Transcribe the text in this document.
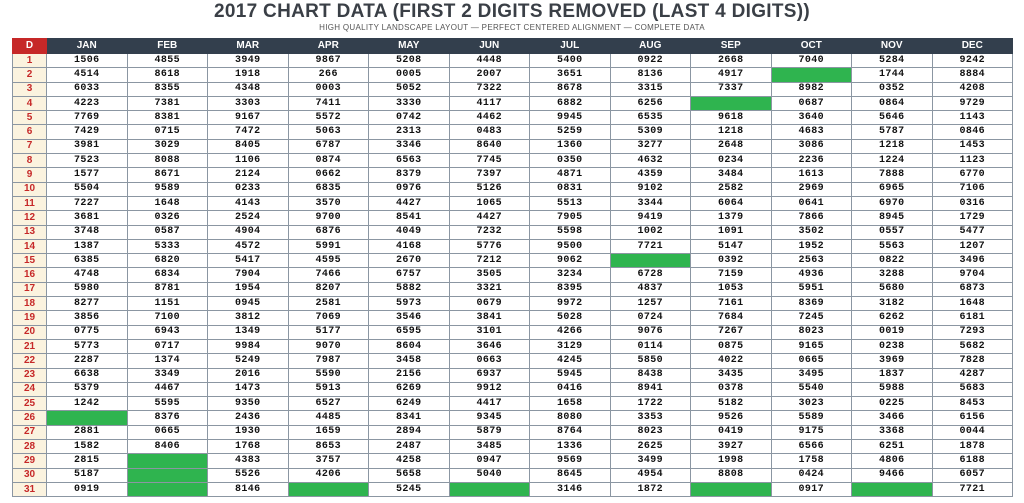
2017 CHART DATA (FIRST 2 DIGITS REMOVED (LAST 4 DIGITS))
HIGH QUALITY LANDSCAPE LAYOUT — PERFECT CENTERED ALIGNMENT — COMPLETE DATA
D	JAN	FEB	MAR	APR	MAY	JUN	JUL	AUG	SEP	OCT	NOV	DEC
1	1506	4855	3949	9867	5208	4448	5400	0922	2668	7040	5284	9242
2	4514	8618	1918	266	0005	2007	3651	8136	4917		1744	8884
3	6033	8355	4348	0003	5052	7322	8678	3315	7337	8982	0352	4208
4	4223	7381	3303	7411	3330	4117	6882	6256		0687	0864	9729
5	7769	8381	9167	5572	0742	4462	9945	6535	9618	3640	5646	1143
6	7429	0715	7472	5063	2313	0483	5259	5309	1218	4683	5787	0846
7	3981	3029	8405	6787	3346	8640	1360	3277	2648	3086	1218	1453
8	7523	8088	1106	0874	6563	7745	0350	4632	0234	2236	1224	1123
9	1577	8671	2124	0662	8379	7397	4871	4359	3484	1613	7888	6770
10	5504	9589	0233	6835	0976	5126	0831	9102	2582	2969	6965	7106
11	7227	1648	4143	3570	4427	1065	5513	3344	6064	0641	6970	0316
12	3681	0326	2524	9700	8541	4427	7905	9419	1379	7866	8945	1729
13	3748	0587	4904	6876	4049	7232	5598	1002	1091	3502	0557	5477
14	1387	5333	4572	5991	4168	5776	9500	7721	5147	1952	5563	1207
15	6385	6820	5417	4595	2670	7212	9062		0392	2563	0822	3496
16	4748	6834	7904	7466	6757	3505	3234	6728	7159	4936	3288	9704
17	5980	8781	1954	8207	5882	3321	8395	4837	1053	5951	5680	6873
18	8277	1151	0945	2581	5973	0679	9972	1257	7161	8369	3182	1648
19	3856	7100	3812	7069	3546	3841	5028	0724	7684	7245	6262	6181
20	0775	6943	1349	5177	6595	3101	4266	9076	7267	8023	0019	7293
21	5773	0717	9984	9070	8604	3646	3129	0114	0875	9165	0238	5682
22	2287	1374	5249	7987	3458	0663	4245	5850	4022	0665	3969	7828
23	6638	3349	2016	5590	2156	6937	5945	8438	3435	3495	1837	4287
24	5379	4467	1473	5913	6269	9912	0416	8941	0378	5540	5988	5683
25	1242	5595	9350	6527	6249	4417	1658	1722	5182	3023	0225	8453
26		8376	2436	4485	8341	9345	8080	3353	9526	5589	3466	6156
27	2881	0665	1930	1659	2894	5879	8764	8023	0419	9175	3368	0044
28	1582	8406	1768	8653	2487	3485	1336	2625	3927	6566	6251	1878
29	2815		4383	3757	4258	0947	9569	3499	1998	1758	4806	6188
30	5187		5526	4206	5658	5040	8645	4954	8808	0424	9466	6057
31	0919		8146		5245		3146	1872		0917		7721
